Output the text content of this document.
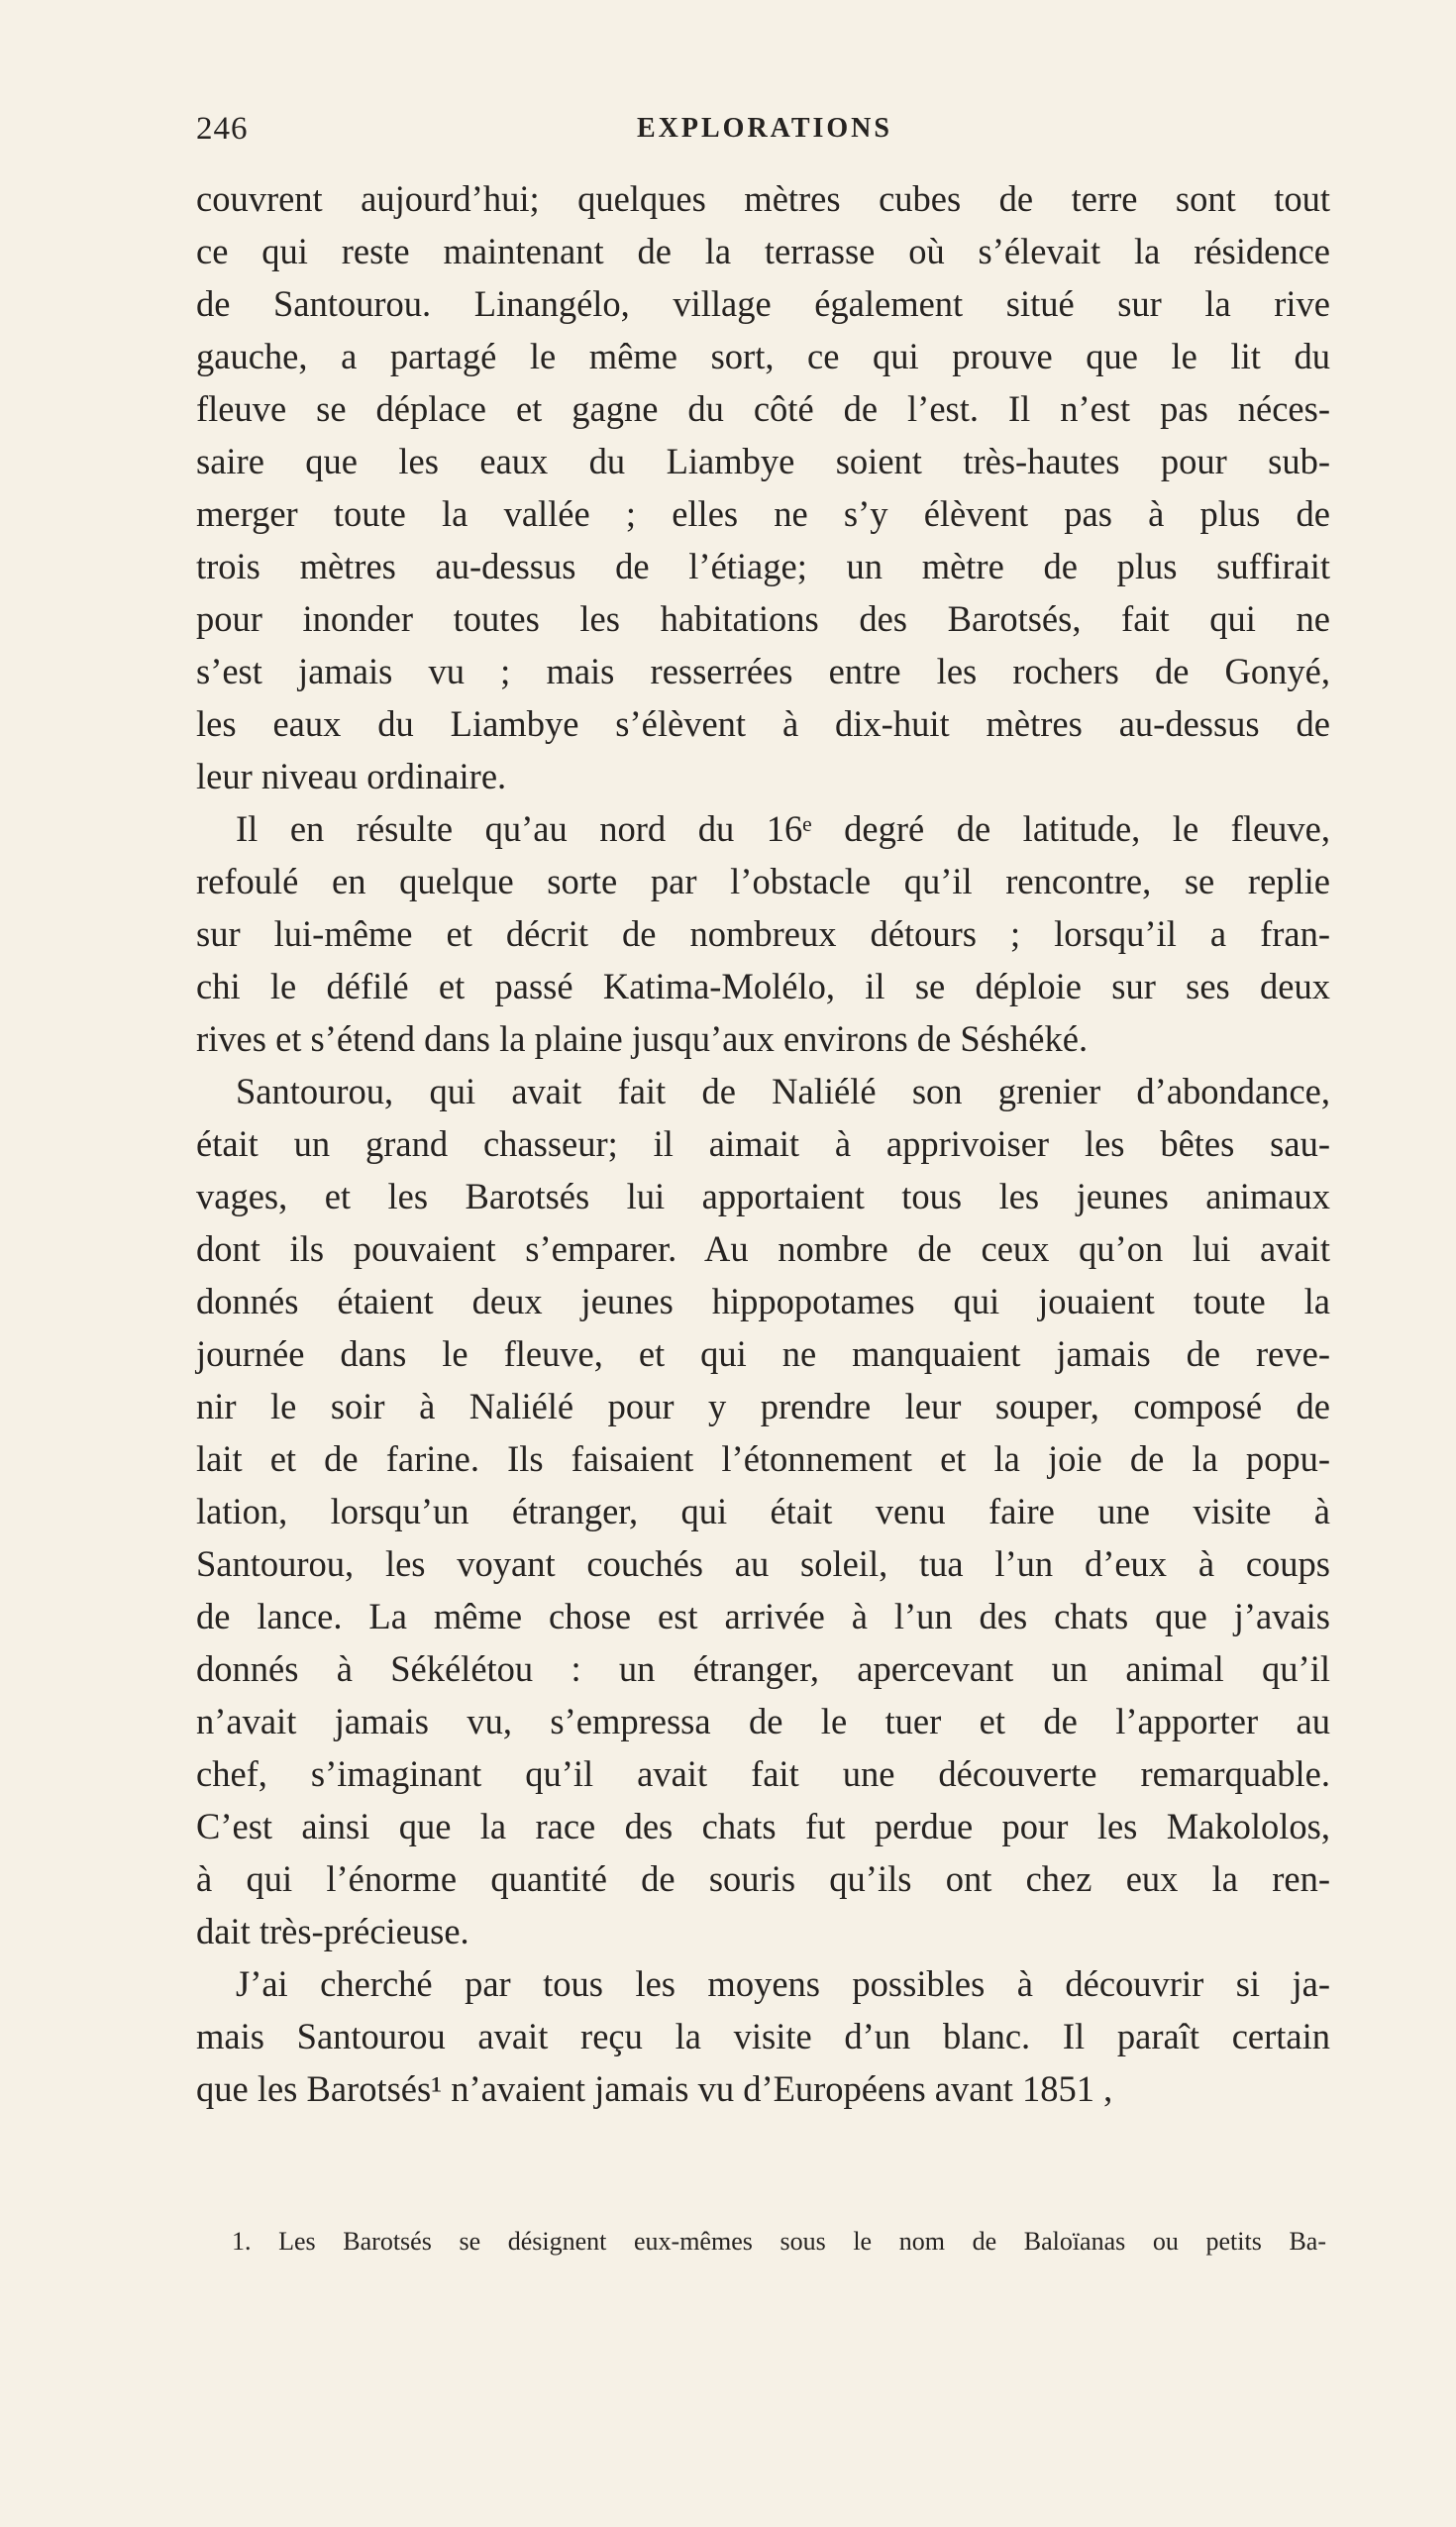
246	EXPLORATIONS
couvrent aujourd’hui; quelques mètres cubes de terre sont tout
ce qui reste maintenant de la terrasse où s’élevait la résidence
de Santourou. Linangélo, village également situé sur la rive
gauche, a partagé le même sort, ce qui prouve que le lit du
fleuve se déplace et gagne du côté de l’est. Il n’est pas néces-
saire que les eaux du Liambye soient très-hautes pour sub-
merger toute la vallée ; elles ne s’y élèvent pas à plus de
trois mètres au-dessus de l’étiage; un mètre de plus suffirait
pour inonder toutes les habitations des Barotsés, fait qui ne
s’est jamais vu ; mais resserrées entre les rochers de Gonyé,
les eaux du Liambye s’élèvent à dix-huit mètres au-dessus de
leur niveau ordinaire.
Il en résulte qu’au nord du 16ᵉ degré de latitude, le fleuve,
refoulé en quelque sorte par l’obstacle qu’il rencontre, se replie
sur lui-même et décrit de nombreux détours ; lorsqu’il a fran-
chi le défilé et passé Katima-Molélo, il se déploie sur ses deux
rives et s’étend dans la plaine jusqu’aux environs de Séshéké.
Santourou, qui avait fait de Naliélé son grenier d’abondance,
était un grand chasseur; il aimait à apprivoiser les bêtes sau-
vages, et les Barotsés lui apportaient tous les jeunes animaux
dont ils pouvaient s’emparer. Au nombre de ceux qu’on lui avait
donnés étaient deux jeunes hippopotames qui jouaient toute la
journée dans le fleuve, et qui ne manquaient jamais de reve-
nir le soir à Naliélé pour y prendre leur souper, composé de
lait et de farine. Ils faisaient l’étonnement et la joie de la popu-
lation, lorsqu’un étranger, qui était venu faire une visite à
Santourou, les voyant couchés au soleil, tua l’un d’eux à coups
de lance. La même chose est arrivée à l’un des chats que j’avais
donnés à Sékélétou : un étranger, apercevant un animal qu’il
n’avait jamais vu, s’empressa de le tuer et de l’apporter au
chef, s’imaginant qu’il avait fait une découverte remarquable.
C’est ainsi que la race des chats fut perdue pour les Makololos,
à qui l’énorme quantité de souris qu’ils ont chez eux la ren-
dait très-précieuse.
J’ai cherché par tous les moyens possibles à découvrir si ja-
mais Santourou avait reçu la visite d’un blanc. Il paraît certain
que les Barotsés¹ n’avaient jamais vu d’Européens avant 1851 ,
1. Les Barotsés se désignent eux-mêmes sous le nom de Baloïanas ou petits Ba-
